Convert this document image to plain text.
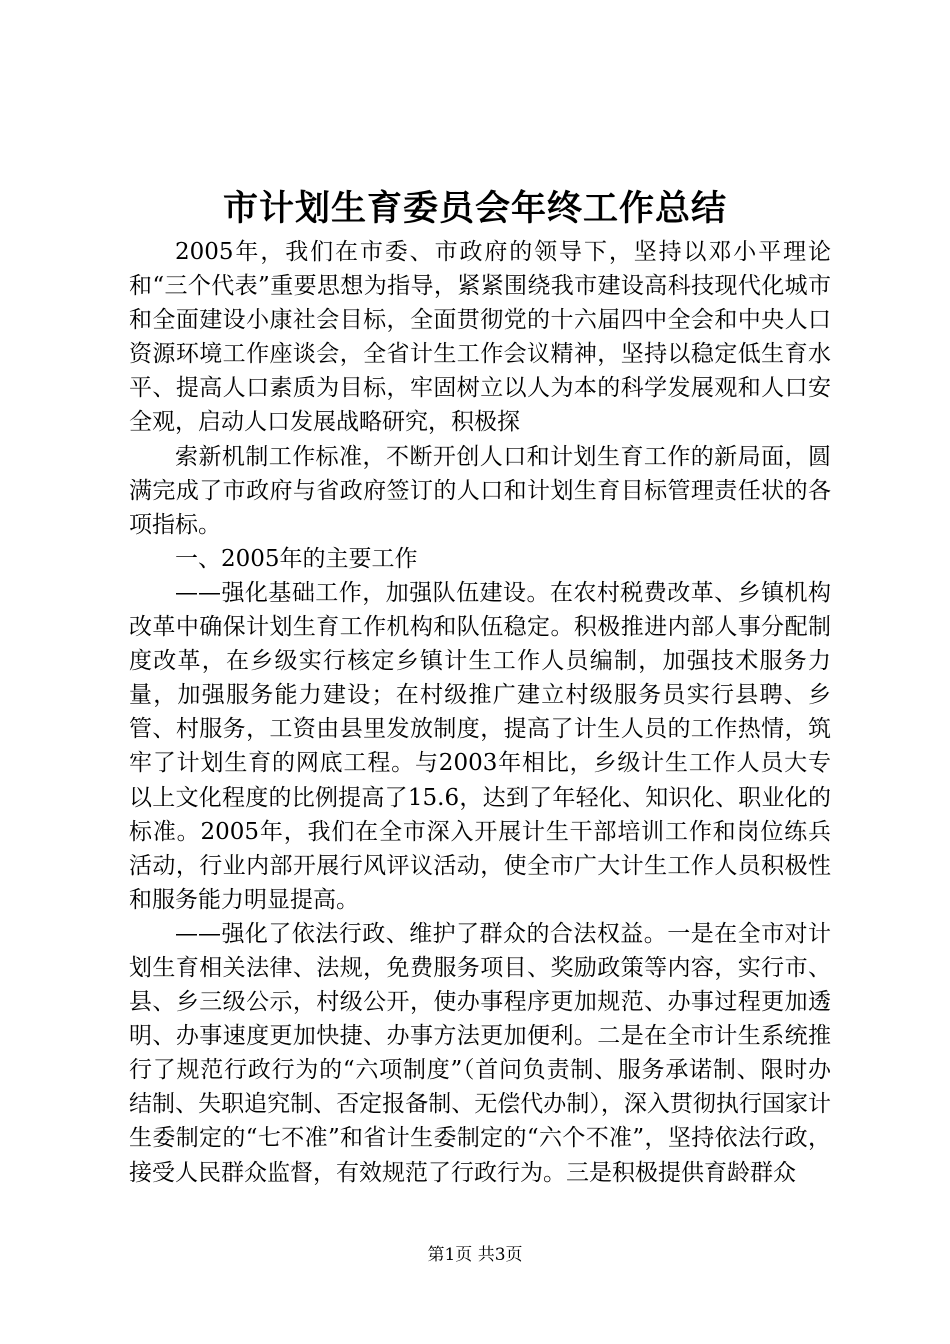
市计划生育委员会年终工作总结

2005年，我们在市委、市政府的领导下，坚持以邓小平理论和“三个代表”重要思想为指导，紧紧围绕我市建设高科技现代化城市和全面建设小康社会目标，全面贯彻党的十六届四中全会和中央人口资源环境工作座谈会，全省计生工作会议精神，坚持以稳定低生育水平、提高人口素质为目标，牢固树立以人为本的科学发展观和人口安全观，启动人口发展战略研究，积极探

索新机制工作标准，不断开创人口和计划生育工作的新局面，圆满完成了市政府与省政府签订的人口和计划生育目标管理责任状的各项指标。

一、2005年的主要工作

——强化基础工作，加强队伍建设。在农村税费改革、乡镇机构改革中确保计划生育工作机构和队伍稳定。积极推进内部人事分配制度改革，在乡级实行核定乡镇计生工作人员编制，加强技术服务力量，加强服务能力建设；在村级推广建立村级服务员实行县聘、乡管、村服务，工资由县里发放制度，提高了计生人员的工作热情，筑牢了计划生育的网底工程。与2003年相比，乡级计生工作人员大专以上文化程度的比例提高了15.6，达到了年轻化、知识化、职业化的标准。2005年，我们在全市深入开展计生干部培训工作和岗位练兵活动，行业内部开展行风评议活动，使全市广大计生工作人员积极性和服务能力明显提高。

——强化了依法行政、维护了群众的合法权益。一是在全市对计划生育相关法律、法规，免费服务项目、奖励政策等内容，实行市、县、乡三级公示，村级公开，使办事程序更加规范、办事过程更加透明、办事速度更加快捷、办事方法更加便利。二是在全市计生系统推行了规范行政行为的“六项制度”（首问负责制、服务承诺制、限时办结制、失职追究制、否定报备制、无偿代办制），深入贯彻执行国家计生委制定的“七不准”和省计生委制定的“六个不准”，坚持依法行政，接受人民群众监督，有效规范了行政行为。三是积极提供育龄群众

第1页 共3页
